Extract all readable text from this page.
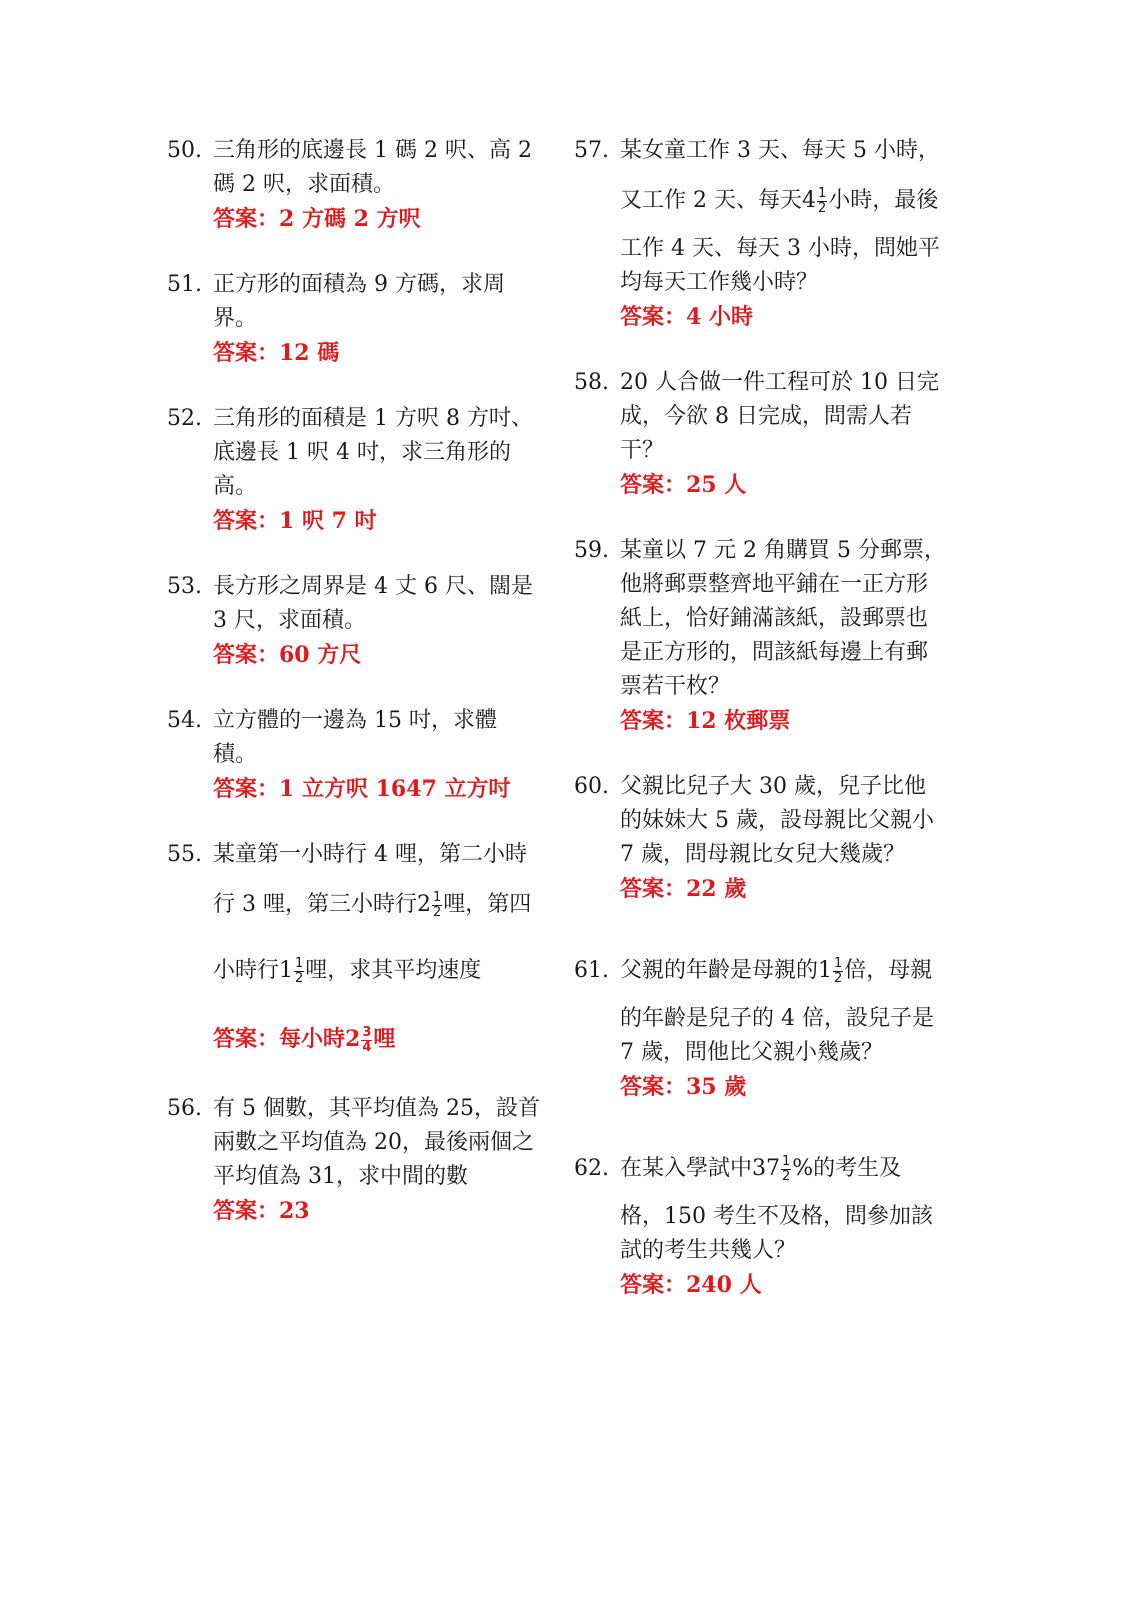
50. 三角形的底邊長 1 碼 2 呎、高 2
碼 2 呎，求面積。
答案：2 方碼 2 方呎
51. 正方形的面積為 9 方碼，求周
界。
答案：12 碼
52. 三角形的面積是 1 方呎 8 方吋、
底邊長 1 呎 4 吋，求三角形的
高。
答案：1 呎 7 吋
53. 長方形之周界是 4 丈 6 尺、闊是
3 尺，求面積。
答案：60 方尺
54. 立方體的一邊為 15 吋，求體
積。
答案：1 立方呎 1647 立方吋
55. 某童第一小時行 4 哩，第二小時
行 3 哩，第三小時行$2 \frac{1}{2}$ 哩，第四
小時行$1 \frac{1}{2}$ 哩，求其平均速度
答案：每小時$2 \frac{3}{4}$ 哩
56. 有 5 個數，其平均值為 25，設首
兩數之平均值為 20，最後兩個之
平均值為 31，求中間的數
答案：23
57. 某女童工作 3 天、每天 5 小時，
又工作 2 天、每天$4 \frac{1}{2}$ 小時，最後
工作 4 天、每天 3 小時，問她平
均每天工作幾小時？
答案：4 小時
58. 20 人合做一件工程可於 10 日完
成，今欲 8 日完成，問需人若
干？
答案：25 人
59. 某童以 7 元 2 角購買 5 分郵票，
他將郵票整齊地平鋪在一正方形
紙上，恰好鋪滿該紙，設郵票也
是正方形的，問該紙每邊上有郵
票若干枚？
答案：12 枚郵票
60. 父親比兒子大 30 歲，兒子比他
的妹妹大 5 歲，設母親比父親小
7 歲，問母親比女兒大幾歲？
答案：22 歲
61. 父親的年齡是母親的$1 \frac{1}{2}$ 倍，母親
的年齡是兒子的 4 倍，設兒子是
7 歲，問他比父親小幾歲？
答案：35 歲
62. 在某入學試中$37 \frac{1}{2}$ %的考生及
格，150 考生不及格，問參加該
試的考生共幾人？
答案：240 人
